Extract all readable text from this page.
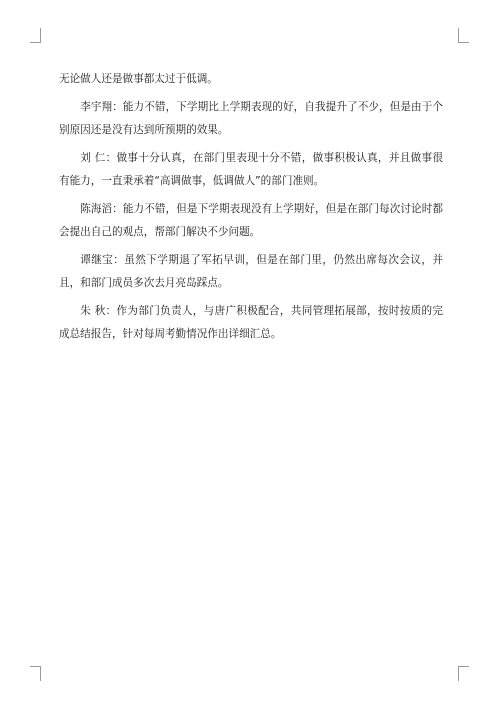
无论做人还是做事都太过于低调。

李宇翔：能力不错，下学期比上学期表现的好，自我提升了不少，但是由于个别原因还是没有达到所预期的效果。

刘 仁：做事十分认真，在部门里表现十分不错，做事积极认真，并且做事很有能力，一直秉承着“高调做事，低调做人”的部门准则。

陈海滔：能力不错，但是下学期表现没有上学期好，但是在部门每次讨论时都会提出自己的观点，帮部门解决不少问题。

谭继宝：虽然下学期退了军拓早训，但是在部门里，仍然出席每次会议，并且，和部门成员多次去月亮岛踩点。

朱 秋：作为部门负责人，与唐广积极配合，共同管理拓展部，按时按质的完成总结报告，针对每周考勤情况作出详细汇总。
